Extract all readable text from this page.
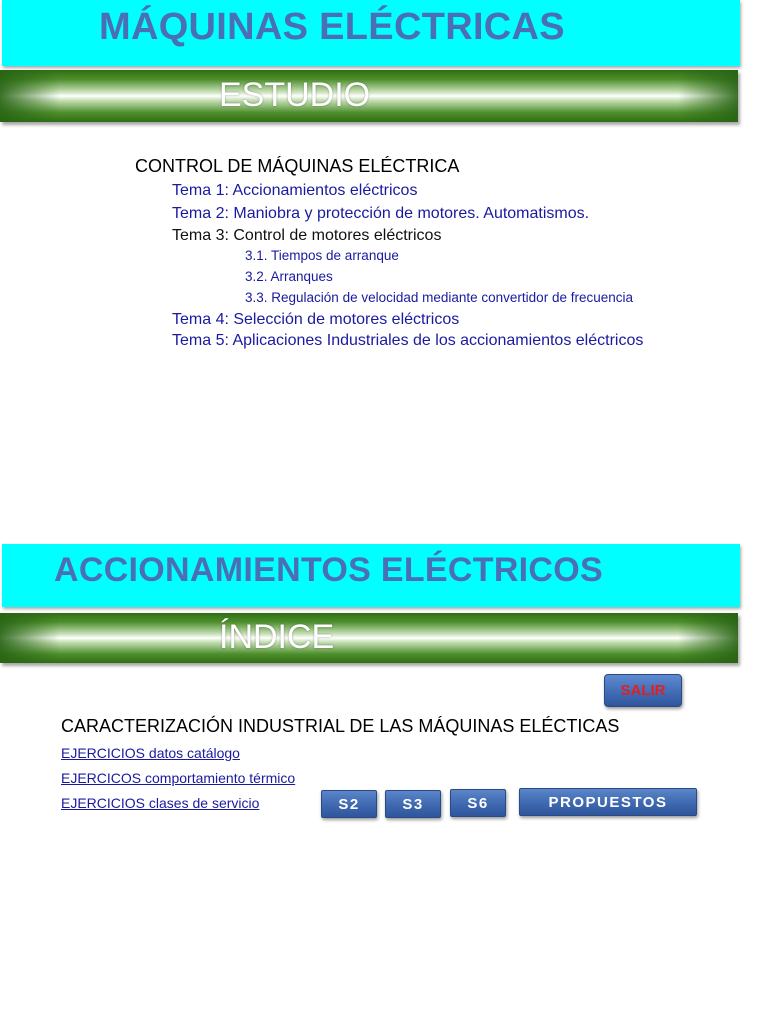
MÁQUINAS ELÉCTRICAS
ESTUDIO
CONTROL DE MÁQUINAS ELÉCTRICA
Tema 1: Accionamientos eléctricos
Tema 2: Maniobra y protección de motores. Automatismos.
Tema 3: Control de motores eléctricos
3.1. Tiempos de arranque
3.2. Arranques
3.3. Regulación de velocidad mediante convertidor de frecuencia
Tema 4: Selección de motores eléctricos
Tema 5: Aplicaciones Industriales de los accionamientos eléctricos
ACCIONAMIENTOS ELÉCTRICOS
ÍNDICE
SALIR
CARACTERIZACIÓN INDUSTRIAL DE LAS MÁQUINAS ELÉCTICAS
EJERCICIOS datos catálogo
EJERCICOS comportamiento térmico
EJERCICIOS clases de servicio	S2	S3	S6	PROPUESTOS
